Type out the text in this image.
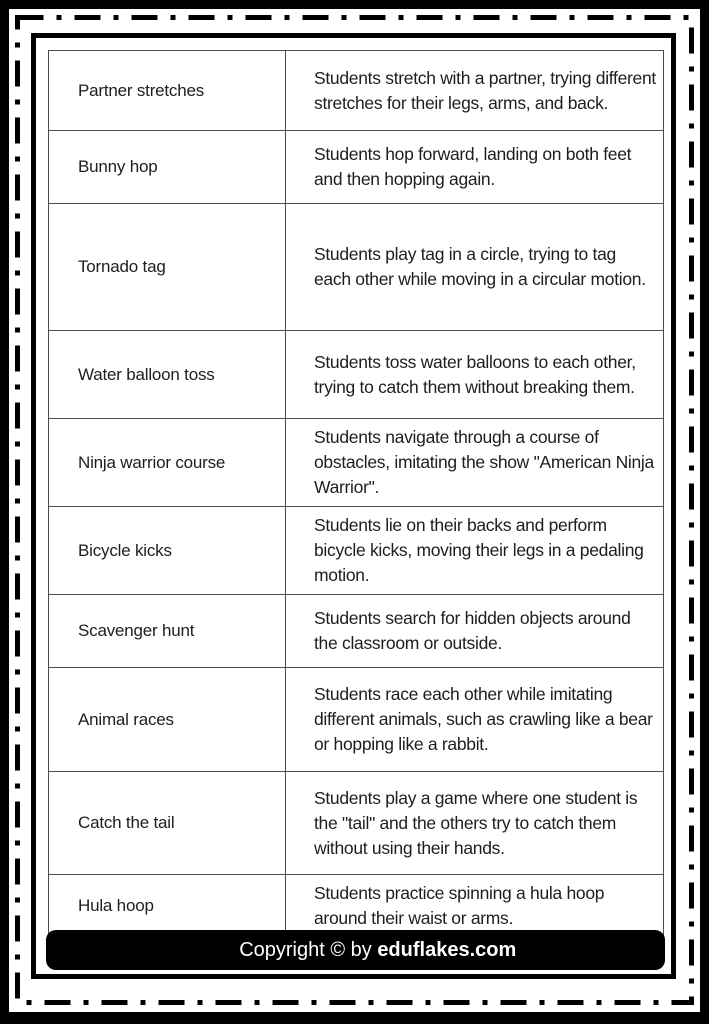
Partner stretches	Students stretch with a partner, trying different stretches for their legs, arms, and back.
Bunny hop	Students hop forward, landing on both feet and then hopping again.
Tornado tag	Students play tag in a circle, trying to tag each other while moving in a circular motion.
Water balloon toss	Students toss water balloons to each other, trying to catch them without breaking them.
Ninja warrior course	Students navigate through a course of obstacles, imitating the show "American Ninja Warrior".
Bicycle kicks	Students lie on their backs and perform bicycle kicks, moving their legs in a pedaling motion.
Scavenger hunt	Students search for hidden objects around the classroom or outside.
Animal races	Students race each other while imitating different animals, such as crawling like a bear or hopping like a rabbit.
Catch the tail	Students play a game where one student is the "tail" and the others try to catch them without using their hands.
Hula hoop	Students practice spinning a hula hoop around their waist or arms.

Copyright © by eduflakes.com
